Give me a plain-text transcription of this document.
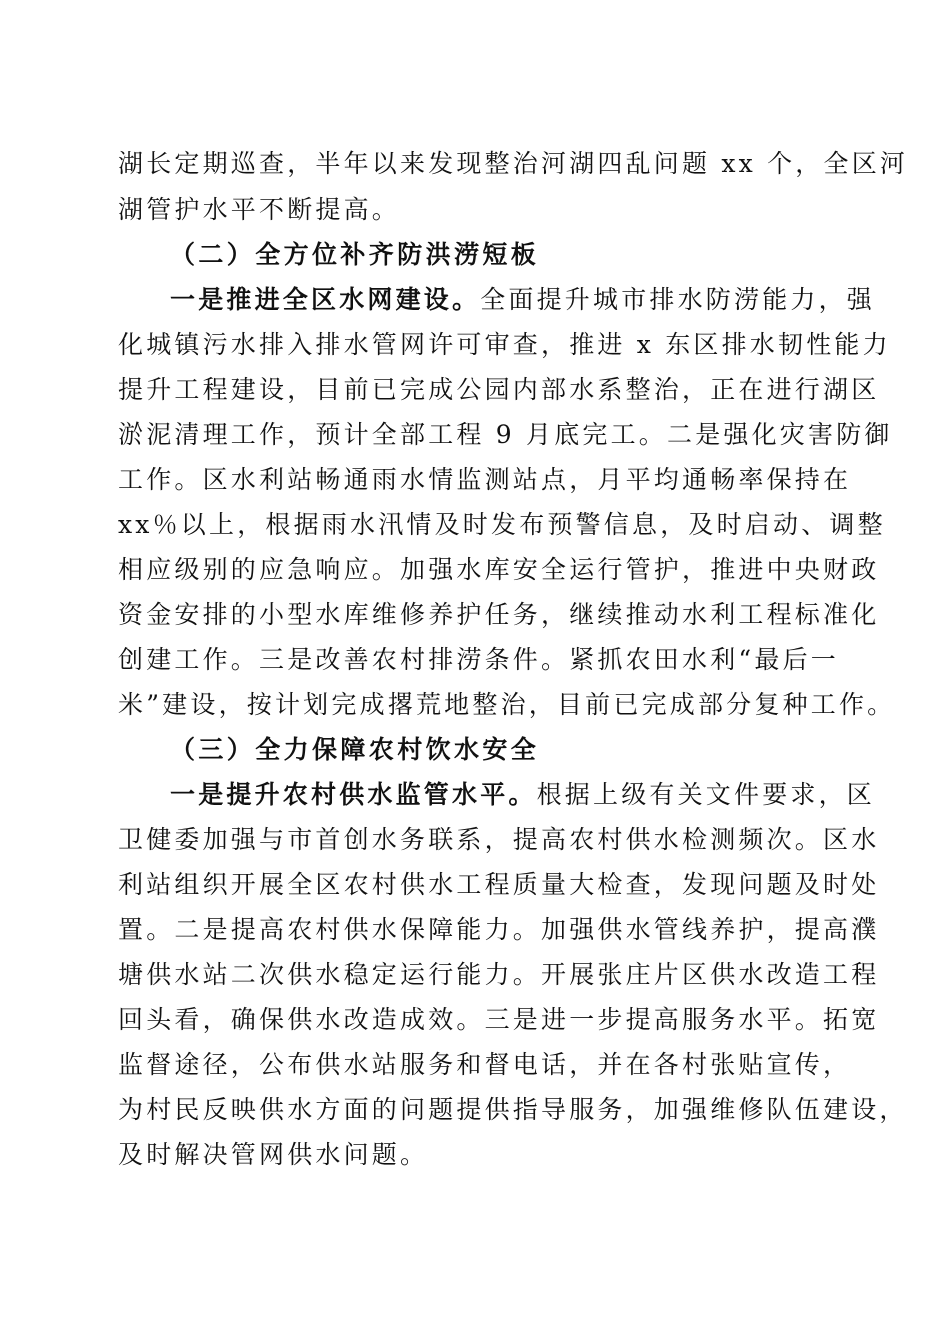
湖长定期巡查，半年以来发现整治河湖四乱问题 xx 个，全区河
湖管护水平不断提高。
（二）全方位补齐防洪涝短板
一是推进全区水网建设。全面提升城市排水防涝能力，强
化城镇污水排入排水管网许可审查，推进 x 东区排水韧性能力
提升工程建设，目前已完成公园内部水系整治，正在进行湖区
淤泥清理工作，预计全部工程 9 月底完工。二是强化灾害防御
工作。区水利站畅通雨水情监测站点，月平均通畅率保持在
xx％以上，根据雨水汛情及时发布预警信息，及时启动、调整
相应级别的应急响应。加强水库安全运行管护，推进中央财政
资金安排的小型水库维修养护任务，继续推动水利工程标准化
创建工作。三是改善农村排涝条件。紧抓农田水利“最后一
米”建设，按计划完成撂荒地整治，目前已完成部分复种工作。
（三）全力保障农村饮水安全
一是提升农村供水监管水平。根据上级有关文件要求，区
卫健委加强与市首创水务联系，提高农村供水检测频次。区水
利站组织开展全区农村供水工程质量大检查，发现问题及时处
置。二是提高农村供水保障能力。加强供水管线养护，提高濮
塘供水站二次供水稳定运行能力。开展张庄片区供水改造工程
回头看，确保供水改造成效。三是进一步提高服务水平。拓宽
监督途径，公布供水站服务和督电话，并在各村张贴宣传，
为村民反映供水方面的问题提供指导服务，加强维修队伍建设，
及时解决管网供水问题。
